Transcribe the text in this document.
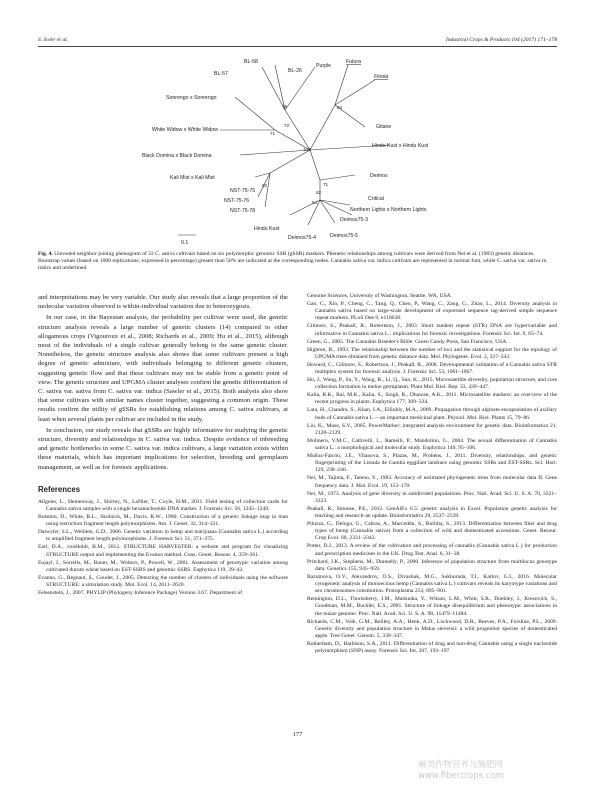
S. Soler et al.	Industrial Crops & Products 104 (2017) 171–178
BL-58
BL-57	BL-26
Purple
Futura
Finola
Sonrengo x Sonrengo
White Widow x White Widow	Gitane
Hindu Kust x Hindu Kust
Black Domina x Black Domina
Kali Mist x Kali Mist	Deimos
NST-75-75
NST-75-76
NST-75-78
Critical
Northern Lights x Northern Lights
Deimos75-3
Hindu Kust
Deimos75-4	Deimos75-5
76
71
72
94
100
92	71
62
54
0.1
Fig. 4. Unrooted neighbor-joining phenogram of 22 C. sativa cultivars based on six polymorphic genomic SSR (gSSR) markers. Phenetic relationships among cultivars were derived from Nei et al. (1983) genetic distances. Bootstrap values (based on 1000 replications; expressed in percentage) greater than 50% are indicated at the corresponding nodes. Cannabis sativa var. indica cultivars are represented in normal font, while C. sativa var. sativa in italics and underlined.

and interpretations may be very variable. Our study also reveals that a large proportion of the molecular variation observed is within-individual variation due to heterozygosis.

In our case, in the Bayesian analysis, the probability per cultivar were used, the genetic structure analysis reveals a large number of genetic clusters (14) compared to other allogamous crops (Vigouroux et al., 2008; Richards et al., 2009; Hu et al., 2015), although most of the individuals of a single cultivar generally belong to the same genetic cluster. Nonetheless, the genetic structure analysis also shows that some cultivars present a high degree of genetic admixture, with individuals belonging to different genetic clusters, suggesting genetic flow and that these cultivars may not be stable from a genetic point of view. The genetic structure and UPGMA cluster analyses confirm the genetic differentiation of C. sativa var. sativa from C. sativa var. indica (Sawler et al., 2015). Both analysis also show that some cultivars with similar names cluster together, suggesting a common origin. These results confirm the utility of gSSRs for establishing relations among C. sativa cultivars, at least when several plants per cultivar are included in the study.

In conclusion, our study reveals that gSSRs are highly informative for studying the genetic structure, diversity and relationships in C. sativa var. indica. Despite evidence of inbreeding and genetic bottlenecks in some C. sativa var. indica cultivars, a large variation exists within these materials, which has important implications for selection, breeding and germplasm management, as well as for forensic applications.

References
Allgeier, L., Hemenway, J., Shirley, N., LaNier, T., Coyle, H.M., 2011. Field testing of collection cards for Cannabis sativa samples with a single hexanucleotide DNA marker. J. Forensic Sci. 56, 1245–1249.
Botstein, D., White, R.L., Skolnick, M., Davis, R.W., 1980. Construction of a genetic linkage map in man using restriction fragment length polymorphisms. Am. J. Genet. 32, 314–331.
Datwyler, S.L., Weiblen, G.D., 2006. Genetic variation in hemp and marijuana (Cannabis sativa L.) according to amplified fragment length polymorphisms. J. Forensic Sci. 51, 371–375.
Earl, D.A., vonHoldt, B.M., 2012. STRUCTURE HARVESTER: a website and program for visualizing STRUCTURE output and implementing the Evanno method. Cons. Genet. Resour. 4, 359–361.
Eujayl, I., Sorrells, M., Baum, M., Wolters, P., Powell, W., 2001. Assessment of genotypic variation among cultivated durum wheat based on EST-SSRS and genomic SSRS. Euphytica 119, 39–43.
Evanno, G., Regnaut, S., Goudet, J., 2005. Detecting the number of clusters of individuals using the software STRUCTURE: a simulation study. Mol. Ecol. 14, 2611–2620.
Felsenstein, J., 2007. PHYLIP (Phylogeny Inference Package) Version 3.67. Department of
Genome Sciences, University of Washington, Seattle, WA, USA.
Gao, C., Xin, P., Cheng, C., Tang, Q., Chen, P., Wang, C., Zang, G., Zhao, L., 2014. Diversity analysis in Cannabis sativa based on large-scale development of expressed sequence tag-derived simple sequence repeat markers. PLoS One 9, e110638.
Gilmore, S., Peakall, R., Robertson, J., 2003. Short tandem repeat (STR) DNA are hypervariable and informative in Cannabis sativa L.: implications for forensic investigations. Forensic Sci. Int. 9, 65–74.
Green, G., 2005. The Cannabis Breeder's Bible. Green Candy Press, San Francisco, USA.
Highton, R., 1993. The relationship between the number of loci and the statistical support for the topology of UPGMA trees obtained from genetic distance data. Mol. Phylogenet. Evol. 2, 337–343.
Howard, C., Gilmore, S., Robertson, J., Peakall, R., 2008. Developmental validation of a Cannabis sativa STR multiplex system for forensic analysis. J. Forensic Sci. 53, 1061–1067.
Hu, J., Wang, P., Su, Y., Wang, R., Li, Q., Sun, K., 2015. Microsatellite diversity, population structure, and core collection formation in melon germplasm. Plant Mol. Biol. Rep. 33, 439–447.
Kalia, R.K., Rai, M.K., Kalia, S., Singh, R., Dhawan, A.K., 2011. Microsatellite markers: an overview of the recent progress in plants. Euphytica 177, 309–334.
Lata, H., Chandra, S., Khan, I.A., ElSohly, M.A., 2009. Propagation through alginate encapsulation of axillary buds of Cannabis sativa L.—an important medicinal plant. Physiol. Mol. Biol. Plants 15, 79–86.
Liu, K., Muse, S.V., 2005. PowerMarker: integrated analysis environment for genetic data. Bioinformatics 21, 2128–2129.
Molinero, V.M.C., Cattivelli, L., Ramelli, P., Mandolino, G., 2004. The sexual differentiation of Cannabis sativa L.: a morphological and molecular study. Euphytica 140, 95–106.
Muñoz-Falcón, J.E., Vilanova, S., Plazas, M., Prohens, J., 2011. Diversity, relationships, and genetic fingerprinting of the Listada de Gandía eggplant landrace using genomic SSRs and EST-SSRs. Sci. Hort. 129, 238–246.
Nei, M., Tajima, F., Tateno, Y., 1983. Accuracy of estimated phylogenetic trees from molecular data II. Gene frequency data. J. Mol. Evol. 19, 153–170.
Nei, M., 1973. Analysis of gene diversity in subdivided populations. Proc. Natl. Acad. Sci. U. S. A. 70, 3321–3323.
Peakall, R., Smouse, P.E., 2012. GenAlEx 6.5: genetic analysis in Excel. Population genetic analysis for teaching and research-an update. Bioinformatics 28, 2537–2539.
Piluzza, G., Delogu, G., Cabras, A., Marceddu, S., Bullitta, S., 2013. Differentiation between fiber and drug types of hemp (Cannabis sativa) from a collection of wild and domesticated accessions. Genet. Resour. Crop Evol. 60, 2331–2342.
Potter, D.J., 2013. A review of the cultivation and processing of cannabis (Cannabis sativa L.) for production and prescription medicines in the UK. Drug Test. Anal. 6, 31–38.
Pritchard, J.K., Stephens, M., Donnelly, P., 2000. Inference of population structure from multilocus genotype data. Genetics 155, 945–959.
Razumova, O.V., Alexandrov, O.S., Divashuk, M.G., Sukhorada, T.I., Karlov, G.I., 2016. Molecular cytogenetic analysis of monoecious hemp (Cannabis sativa L.) cultivars reveals its karyotype variations and sex chromosomes constitution. Protoplasma 253, 895–901.
Remington, D.L., Thornsberry, J.M., Matsuoka, Y., Wilson, L.M., Whitt, S.R., Doebley, J., Kresovich, S., Goodman, M.M., Buckler, E.S., 2001. Structure of linkage disequilibrium and phenotypic associations in the maize genome. Proc. Natl. Acad. Sci. U. S. A. 98, 11479–11484.
Richards, C.M., Volk, G.M., Reilley, A.A., Henk, A.D., Lockwood, D.R., Reeves, P.A., Forsline, P.L., 2009. Genetic diversity and population structure in Malus sieversii: a wild progenitor species of domesticated apple. Tree Genet. Genom. 5, 339–347.
Rotherham, D., Harbison, S.A., 2011. Differentiation of drug and non-drug Cannabis using a single nucleotide polymorphism (SNP) assay. Forensic Sci. Int. 207, 193–197.
177
麻类作物营养与施肥网
www.fibercrops.com
